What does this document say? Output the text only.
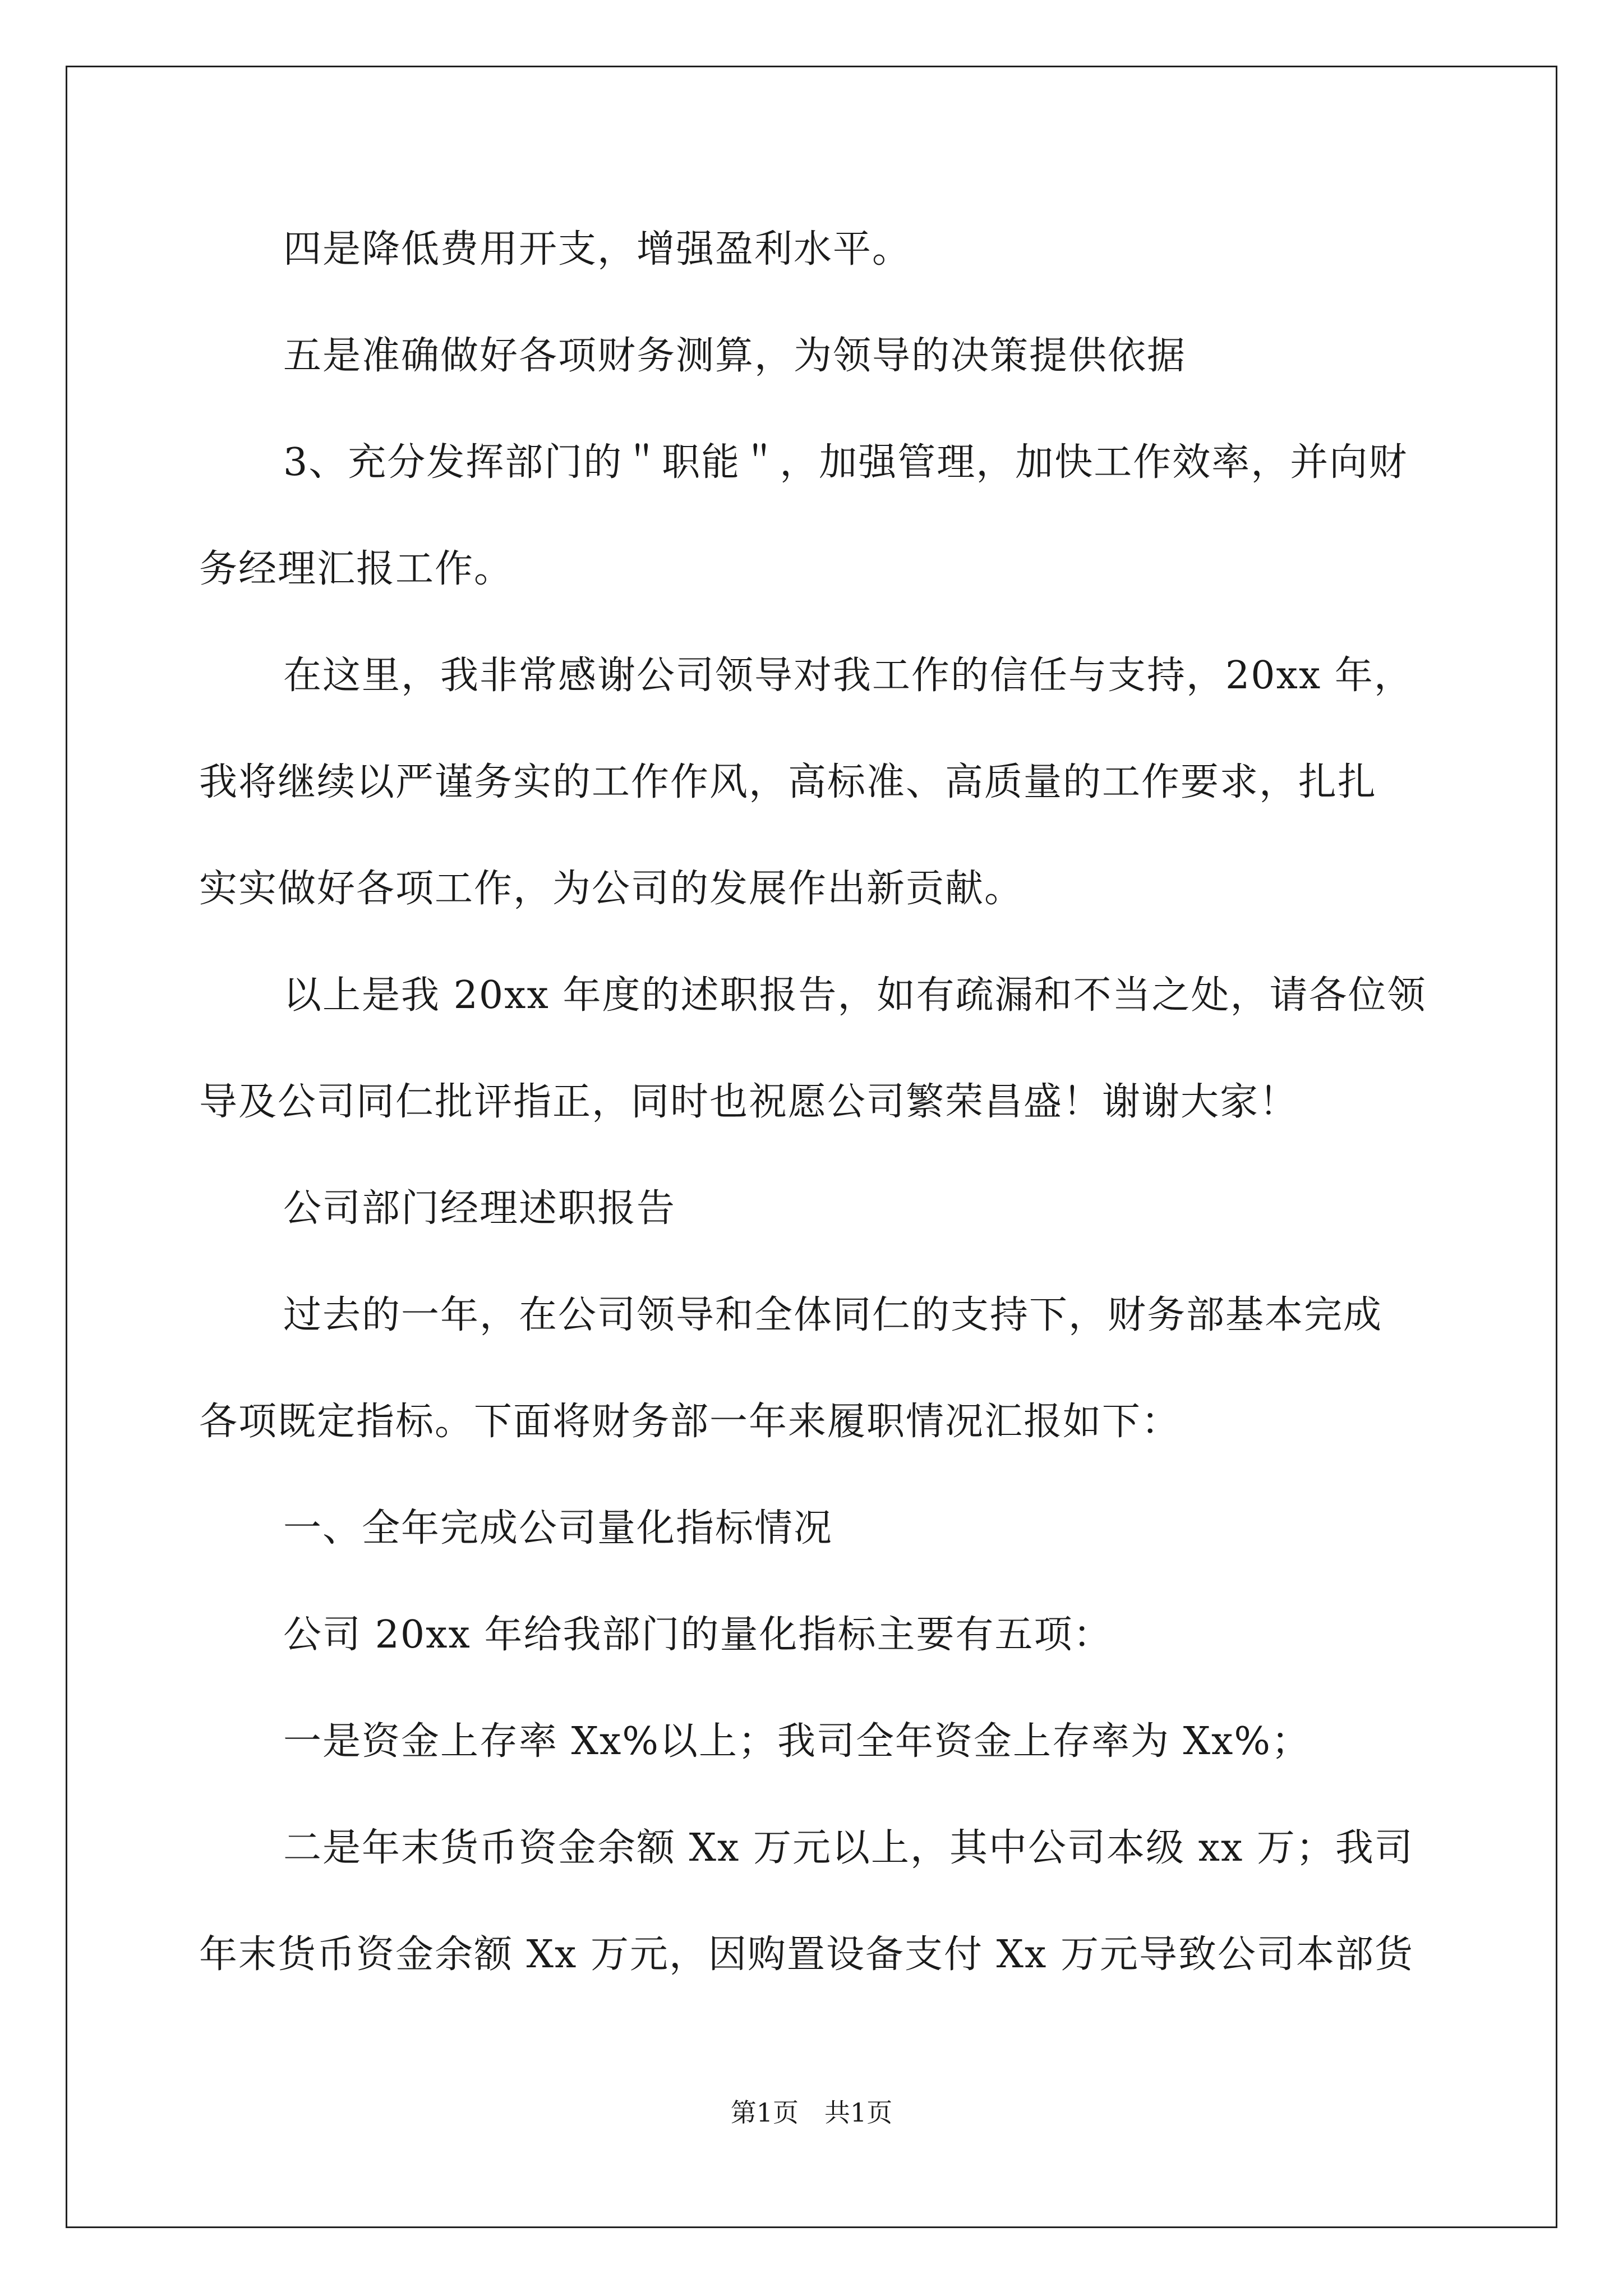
四是降低费用开支，增强盈利水平。
五是准确做好各项财务测算，为领导的决策提供依据
3、充分发挥部门的＂职能＂，加强管理，加快工作效率，并向财
务经理汇报工作。
在这里，我非常感谢公司领导对我工作的信任与支持，20xx 年，
我将继续以严谨务实的工作作风，高标准、高质量的工作要求，扎扎
实实做好各项工作，为公司的发展作出新贡献。
以上是我 20xx 年度的述职报告，如有疏漏和不当之处，请各位领
导及公司同仁批评指正，同时也祝愿公司繁荣昌盛！谢谢大家！
公司部门经理述职报告
过去的一年，在公司领导和全体同仁的支持下，财务部基本完成
各项既定指标。下面将财务部一年来履职情况汇报如下：
一、全年完成公司量化指标情况
公司 20xx 年给我部门的量化指标主要有五项：
一是资金上存率 Xx%以上；我司全年资金上存率为 Xx%；
二是年末货币资金余额 Xx 万元以上，其中公司本级 xx 万；我司
年末货币资金余额 Xx 万元，因购置设备支付 Xx 万元导致公司本部货
第1页　共1页
